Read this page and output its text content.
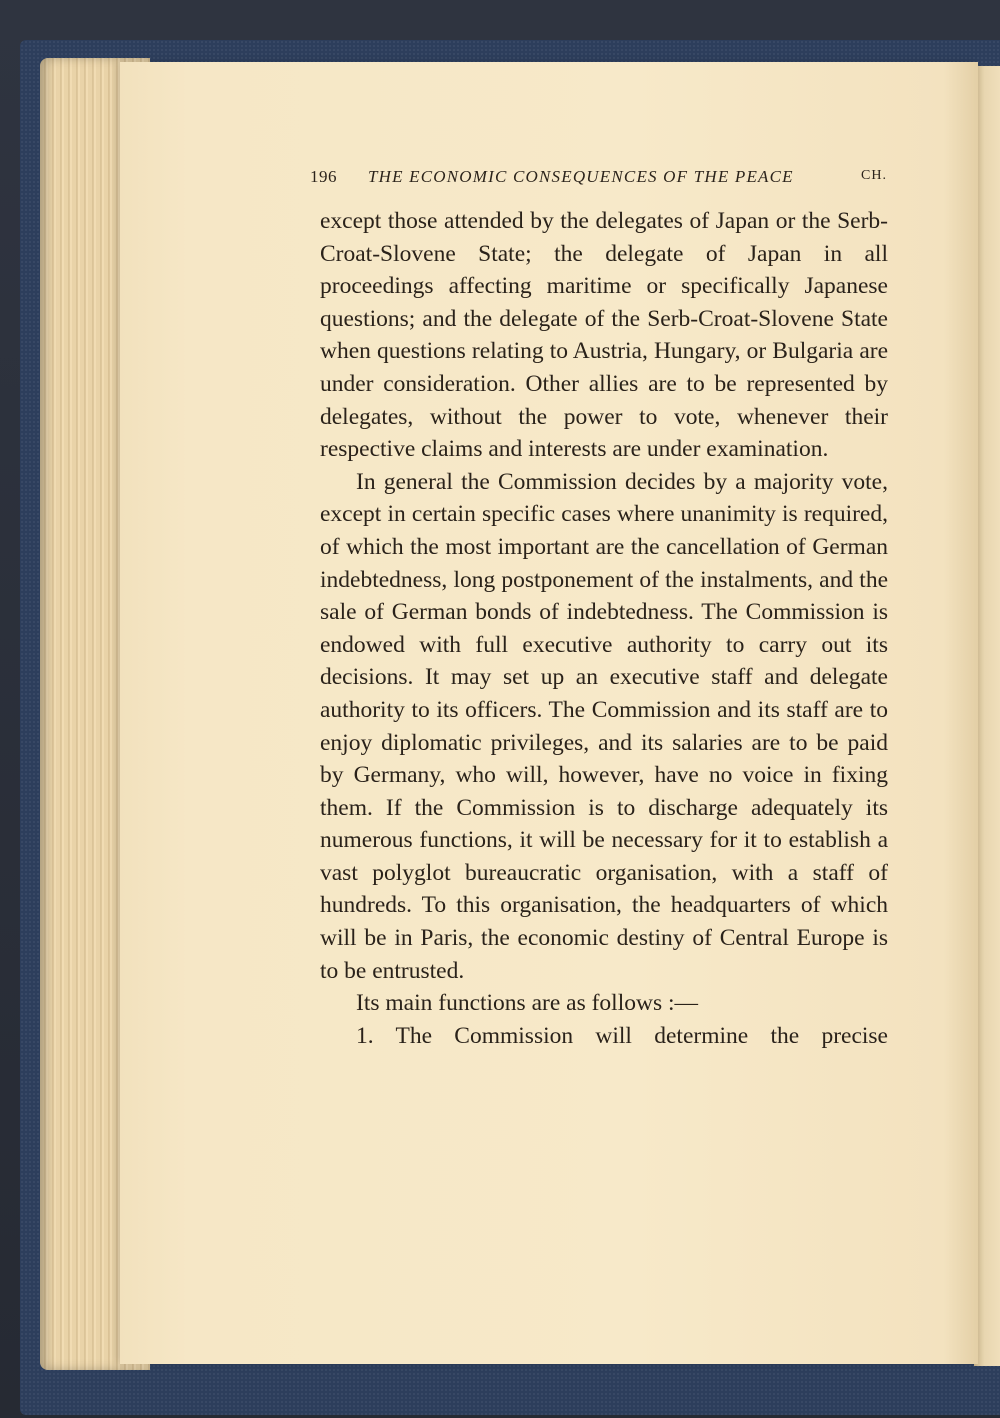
196 THE ECONOMIC CONSEQUENCES OF THE PEACE	CH.

except those attended by the delegates of Japan or the Serb-Croat-Slovene State; the delegate of Japan in all proceedings affecting maritime or specifically Japanese questions; and the delegate of the Serb-Croat-Slovene State when questions relating to Austria, Hungary, or Bulgaria are under consideration. Other allies are to be represented by delegates, without the power to vote, whenever their respective claims and interests are under examination.

In general the Commission decides by a majority vote, except in certain specific cases where unanimity is required, of which the most important are the cancellation of German indebtedness, long postponement of the instalments, and the sale of German bonds of indebtedness. The Commission is endowed with full executive authority to carry out its decisions. It may set up an executive staff and delegate authority to its officers. The Commission and its staff are to enjoy diplomatic privileges, and its salaries are to be paid by Germany, who will, however, have no voice in fixing them. If the Commission is to discharge adequately its numerous functions, it will be necessary for it to establish a vast polyglot bureaucratic organisation, with a staff of hundreds. To this organisation, the headquarters of which will be in Paris, the economic destiny of Central Europe is to be entrusted.

Its main functions are as follows :—

1. The Commission will determine the precise
